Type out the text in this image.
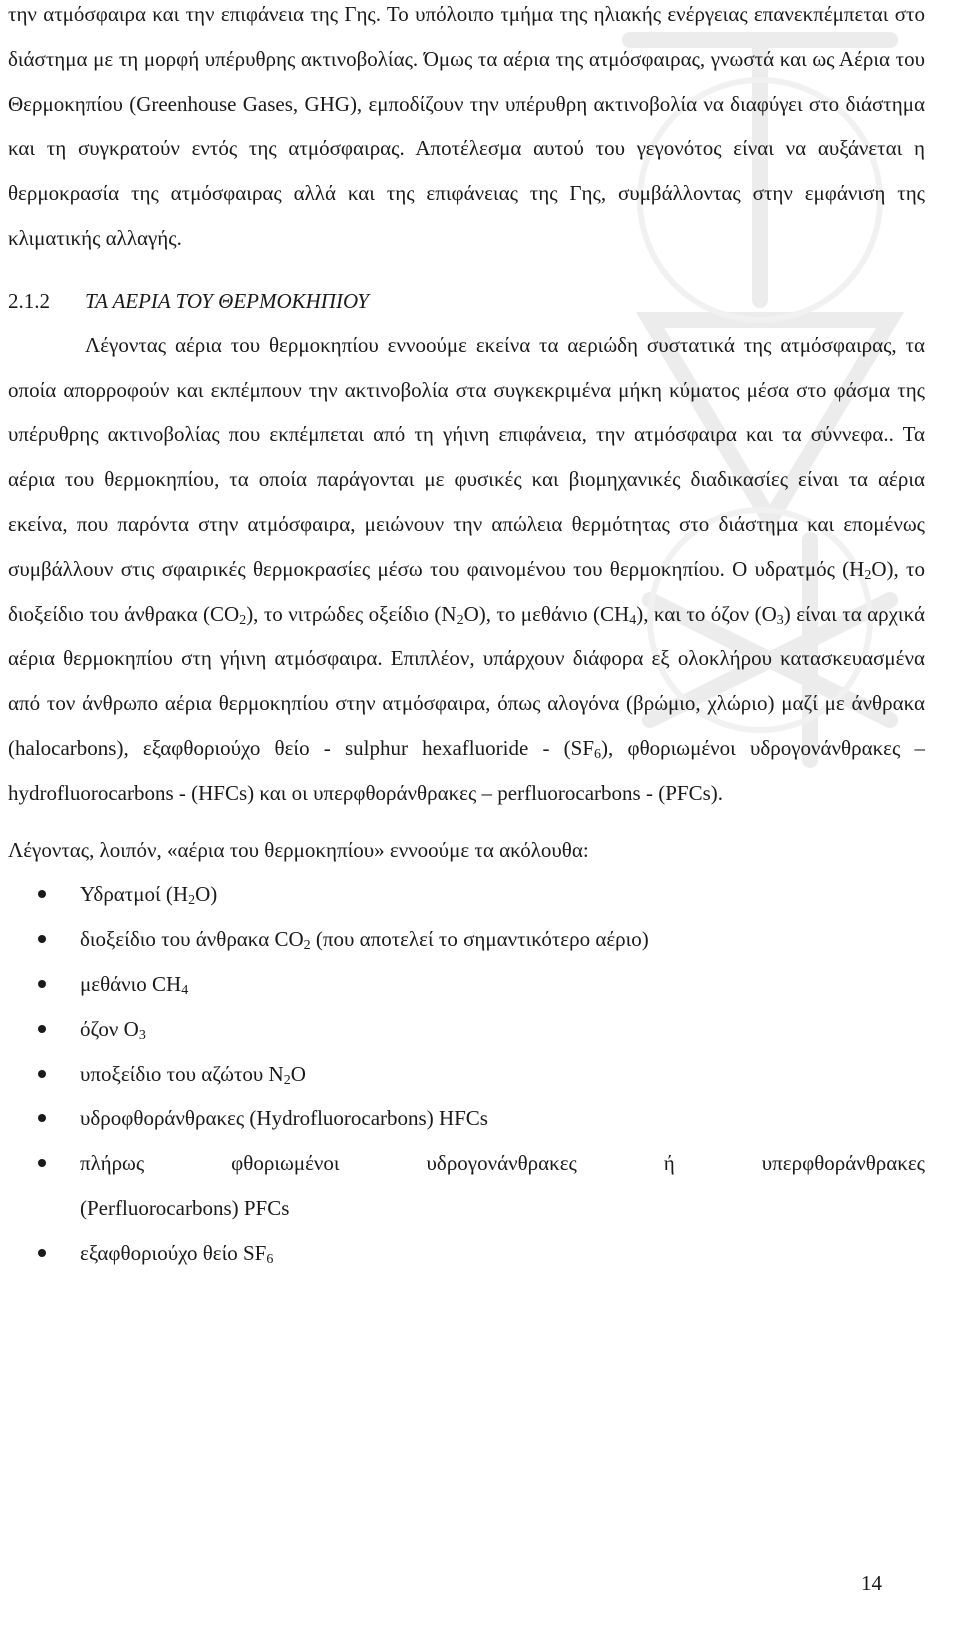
την ατμόσφαιρα και την επιφάνεια της Γης. Το υπόλοιπο τμήμα της ηλιακής ενέργειας επανεκπέμπεται στο διάστημα με τη μορφή υπέρυθρης ακτινοβολίας. Όμως τα αέρια της ατμόσφαιρας, γνωστά και ως Αέρια του Θερμοκηπίου (Greenhouse Gases, GHG), εμποδίζουν την υπέρυθρη ακτινοβολία να διαφύγει στο διάστημα και τη συγκρατούν εντός της ατμόσφαιρας. Αποτέλεσμα αυτού του γεγονότος είναι να αυξάνεται η θερμοκρασία της ατμόσφαιρας αλλά και της επιφάνειας της Γης, συμβάλλοντας στην εμφάνιση της κλιματικής αλλαγής.

2.1.2 ΤΑ ΑΕΡΙΑ ΤΟΥ ΘΕΡΜΟΚΗΠΙΟΥ

Λέγοντας αέρια του θερμοκηπίου εννοούμε εκείνα τα αεριώδη συστατικά της ατμόσφαιρας, τα οποία απορροφούν και εκπέμπουν την ακτινοβολία στα συγκεκριμένα μήκη κύματος μέσα στο φάσμα της υπέρυθρης ακτινοβολίας που εκπέμπεται από τη γήινη επιφάνεια, την ατμόσφαιρα και τα σύννεφα.. Τα αέρια του θερμοκηπίου, τα οποία παράγονται με φυσικές και βιομηχανικές διαδικασίες είναι τα αέρια εκείνα, που παρόντα στην ατμόσφαιρα, μειώνουν την απώλεια θερμότητας στο διάστημα και επομένως συμβάλλουν στις σφαιρικές θερμοκρασίες μέσω του φαινομένου του θερμοκηπίου. Ο υδρατμός $(H_2O)$, το διοξείδιο του άνθρακα $(CO_2)$, το νιτρώδες οξείδιο $(N_2O)$, το μεθάνιο $(CH_4)$, και το όζον $(O_3)$ είναι τα αρχικά αέρια θερμοκηπίου στη γήινη ατμόσφαιρα. Επιπλέον, υπάρχουν διάφορα εξ ολοκλήρου κατασκευασμένα από τον άνθρωπο αέρια θερμοκηπίου στην ατμόσφαιρα, όπως αλογόνα (βρώμιο, χλώριο) μαζί με άνθρακα (halocarbons), εξαφθοριούχο θείο - sulphur hexafluoride - $(SF_6)$, φθοριωμένοι υδρογονάνθρακες – hydrofluorocarbons - (HFCs) και οι υπερφθοράνθρακες – perfluorocarbons - (PFCs).

Λέγοντας, λοιπόν, «αέρια του θερμοκηπίου» εννοούμε τα ακόλουθα:

Υδρατμοί $(H_2O)$
διοξείδιο του άνθρακα $CO_2$ (που αποτελεί το σημαντικότερο αέριο)
μεθάνιο $CH_4$
όζον $O_3$
υποξείδιο του αζώτου $N_2O$
υδροφθοράνθρακες (Hydrofluorocarbons) HFCs
πλήρως φθοριωμένοι υδρογονάνθρακες ή υπερφθοράνθρακες
(Perfluorocarbons) PFCs
εξαφθοριούχο θείο $SF_6$
14
